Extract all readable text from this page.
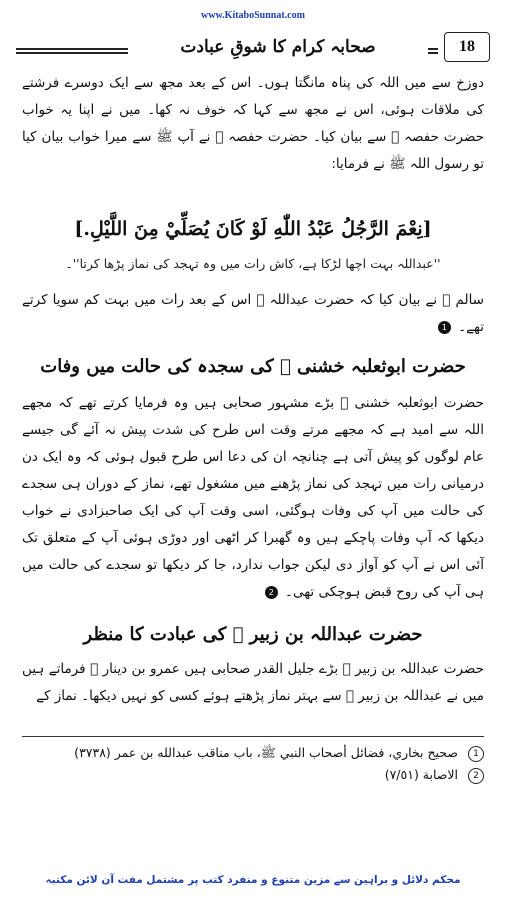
www.KitaboSunnat.com
صحابہ کرام کا شوقِ عبادت	18
دوزخ سے میں اللہ کی پناہ مانگتا ہوں۔ اس کے بعد مجھ سے ایک دوسرے فرشتے کی ملاقات ہوئی، اس نے مجھ سے کہا کہ خوف نہ کھا۔ میں نے اپنا یہ خواب حضرت حفصہ ﷞ سے بیان کیا۔ حضرت حفصہ ﷞ نے آپ ﷺ سے میرا خواب بیان کیا تو رسول اللہ ﷺ نے فرمایا:
[نِعْمَ الرَّجُلُ عَبْدُ اللّٰهِ لَوْ كَانَ يُصَلِّيْ مِنَ اللَّيْلِ.]
''عبداللہ بہت اچھا لڑکا ہے، کاش رات میں وہ تہجد کی نماز پڑھا کرتا''۔
سالم ﷬ نے بیان کیا کہ حضرت عبداللہ ﷜ اس کے بعد رات میں بہت کم سویا کرتے تھے۔ 1
حضرت ابوثعلبہ خشنی ﷜ کی سجدہ کی حالت میں وفات
حضرت ابوثعلبہ خشنی ﷜ بڑے مشہور صحابی ہیں وہ فرمایا کرتے تھے کہ مجھے اللہ سے امید ہے کہ مجھے مرتے وقت اس طرح کی شدت پیش نہ آئے گی جیسے عام لوگوں کو پیش آتی ہے چنانچہ ان کی دعا اس طرح قبول ہوئی کہ وہ ایک دن درمیانی رات میں تہجد کی نماز پڑھنے میں مشغول تھے، نماز کے دوران ہی سجدے کی حالت میں آپ کی وفات ہوگئی، اسی وقت آپ کی ایک صاحبزادی نے خواب دیکھا کہ آپ وفات پاچکے ہیں وہ گھبرا کر اٹھی اور دوڑی ہوئی آپ کے متعلق تک آئی اس نے آپ کو آواز دی لیکن جواب ندارد، جا کر دیکھا تو سجدے کی حالت میں ہی آپ کی روح قبض ہوچکی تھی۔ 2
حضرت عبداللہ بن زبیر ﷜ کی عبادت کا منظر
حضرت عبداللہ بن زبیر ﷜ بڑے جلیل القدر صحابی ہیں عمرو بن دینار ﷬ فرماتے ہیں میں نے عبداللہ بن زبیر ﷜ سے بہتر نماز پڑھتے ہوئے کسی کو نہیں دیکھا۔ نماز کے
1
صحيح بخاري، فضائل أصحاب النبي ﷺ، باب مناقب عبدالله بن عمر (٣٧٣٨)
2
الاصابة (٧/٥١)
محکم دلائل و براہین سے مزین متنوع و منفرد کتب پر مشتمل مفت آن لائن مکتبہ
